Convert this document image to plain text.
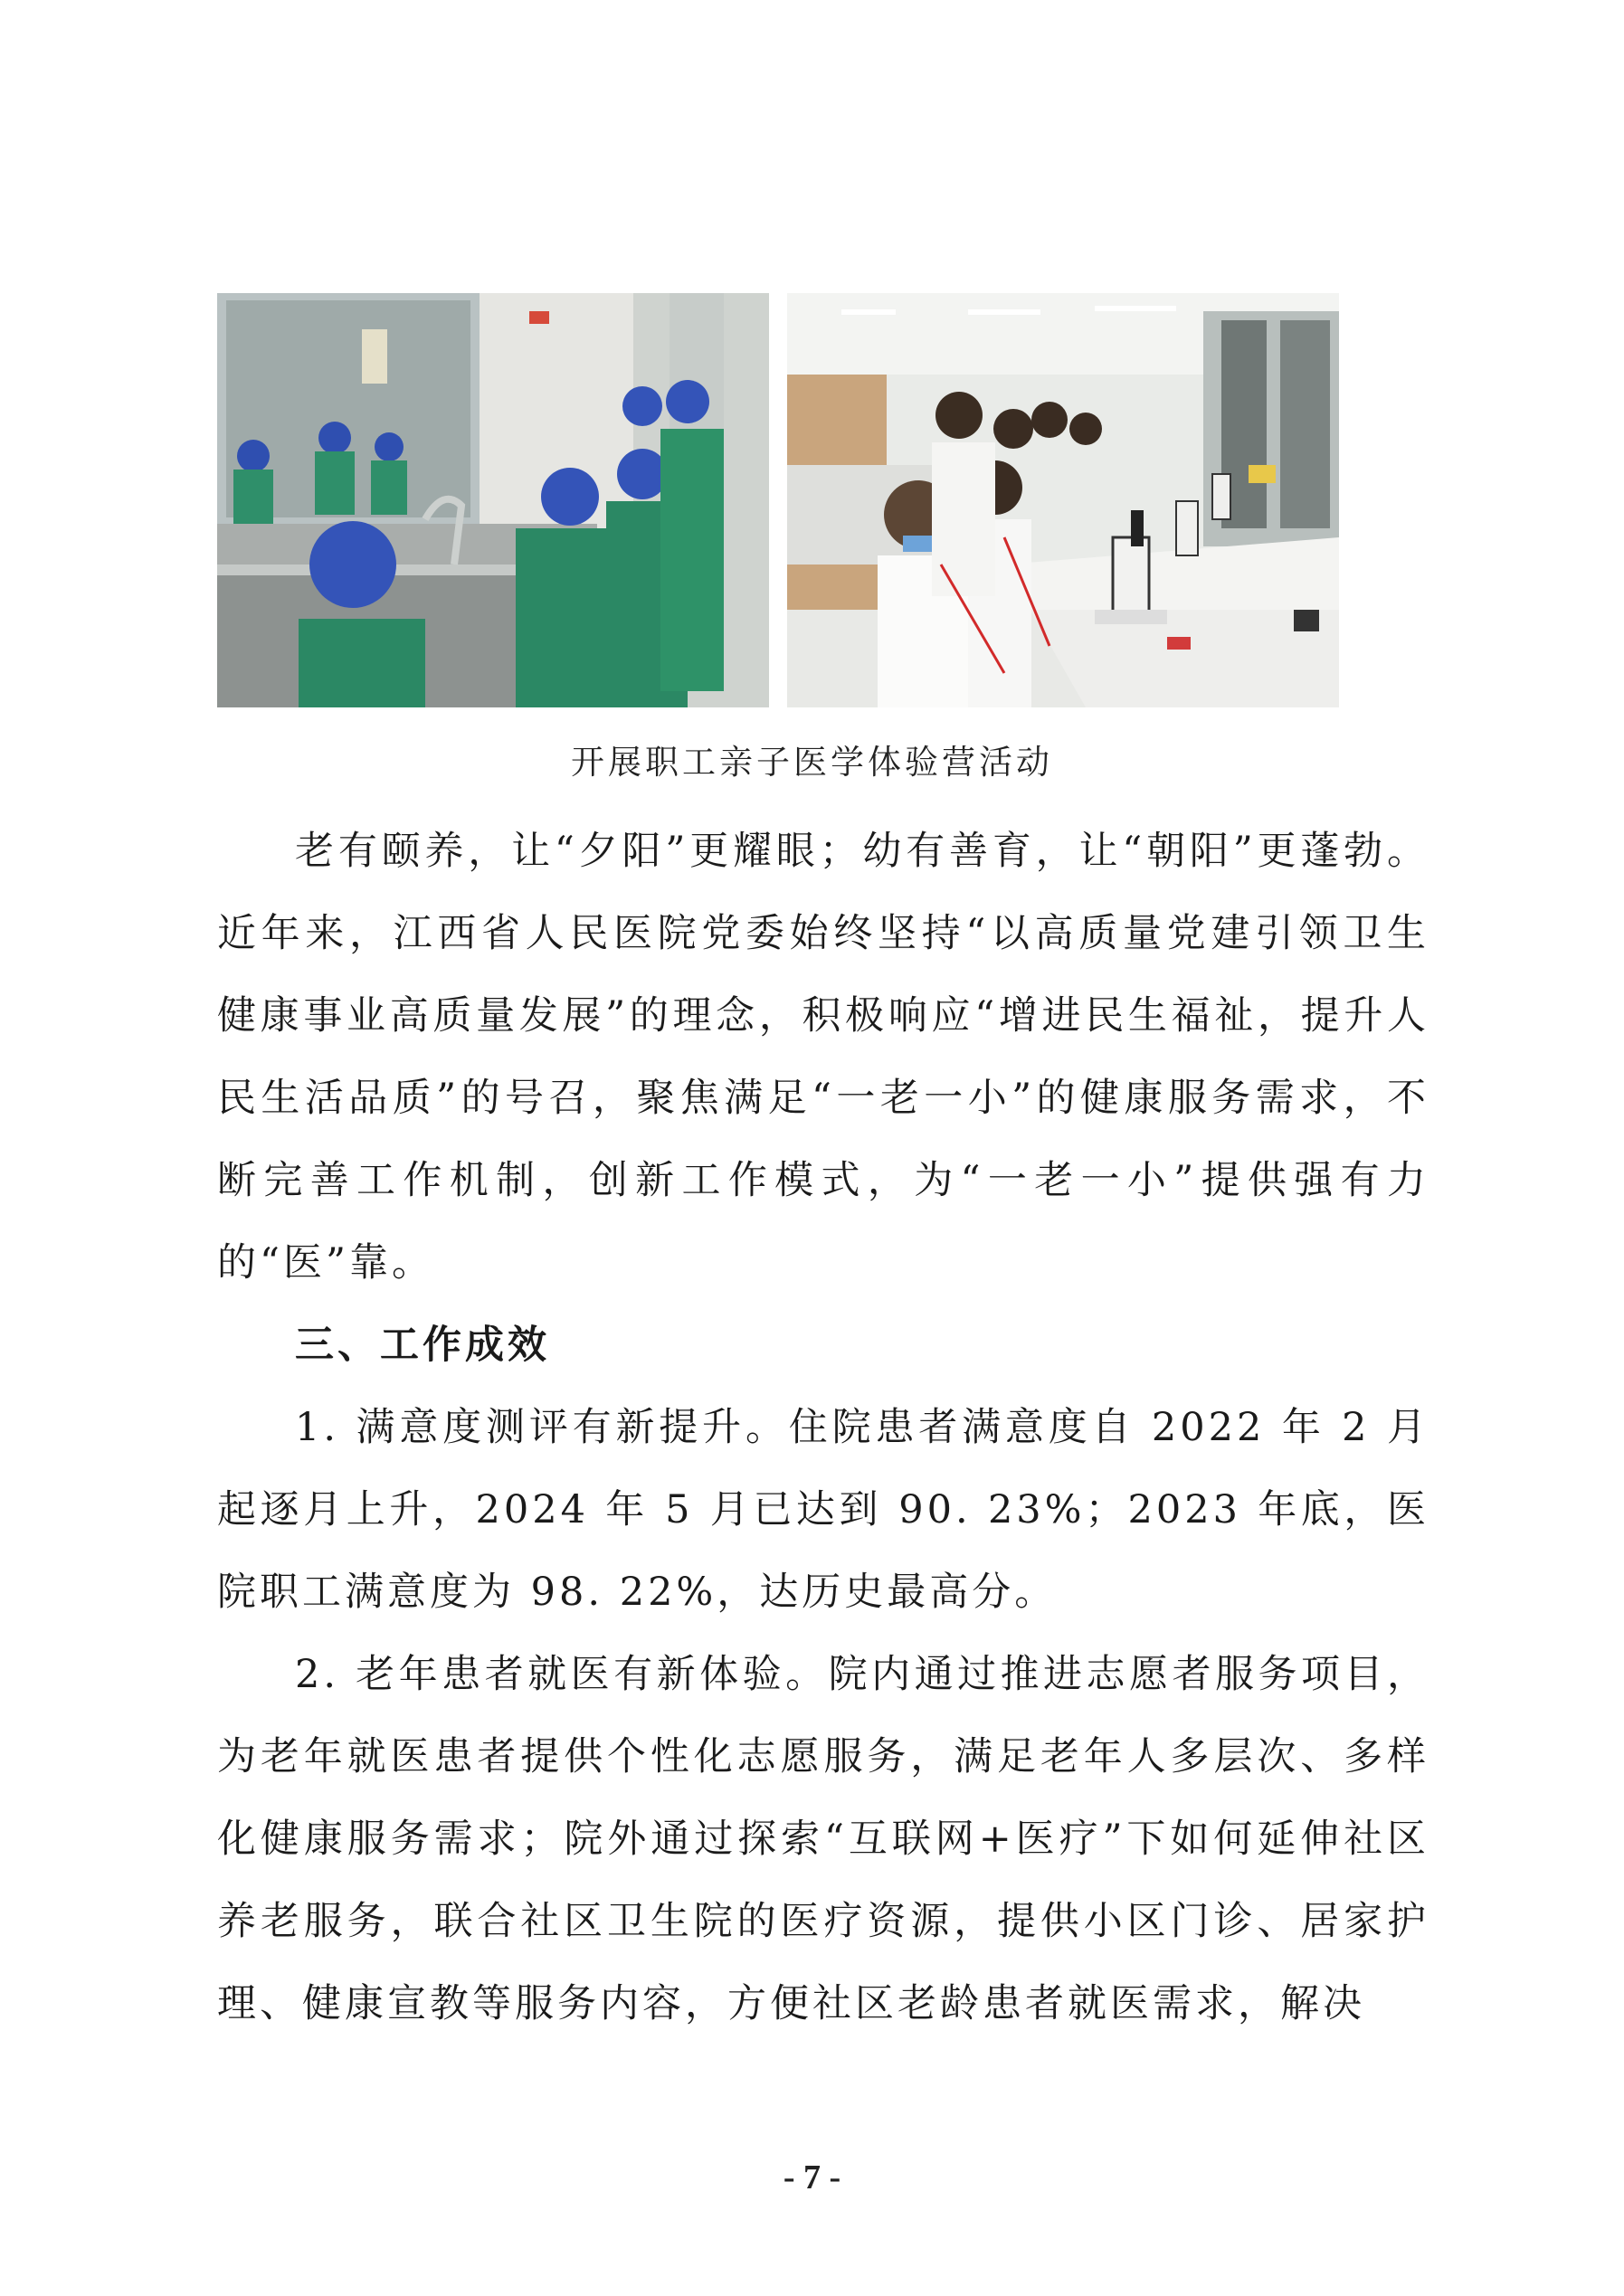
开展职工亲子医学体验营活动

老有颐养，让“夕阳”更耀眼；幼有善育，让“朝阳”更蓬勃。近年来，江西省人民医院党委始终坚持“以高质量党建引领卫生健康事业高质量发展”的理念，积极响应“增进民生福祉，提升人民生活品质”的号召，聚焦满足“一老一小”的健康服务需求，不断完善工作机制，创新工作模式，为“一老一小”提供强有力的“医”靠。

三、工作成效

1. 满意度测评有新提升。住院患者满意度自 2022 年 2 月起逐月上升，2024 年 5 月已达到 90. 23%；2023 年底，医院职工满意度为 98. 22%，达历史最高分。

2. 老年患者就医有新体验。院内通过推进志愿者服务项目，为老年就医患者提供个性化志愿服务，满足老年人多层次、多样化健康服务需求；院外通过探索“互联网+医疗”下如何延伸社区养老服务，联合社区卫生院的医疗资源，提供小区门诊、居家护理、健康宣教等服务内容，方便社区老龄患者就医需求，解决

- 7 -
